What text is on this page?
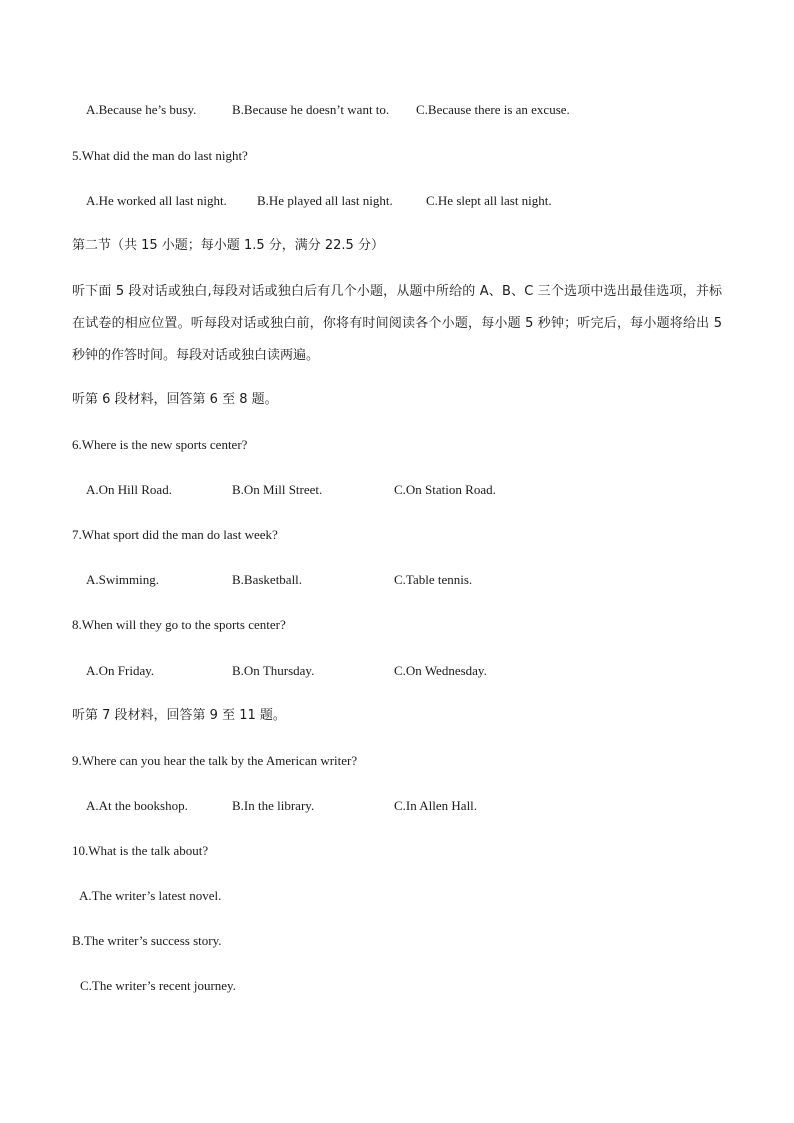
A.Because he’s busy.	B.Because he doesn’t want to. C.Because there is an excuse.
5.What did the man do last night?
A.He worked all last night. B.He played all last night.	C.He slept all last night.
第二节（共 15 小题；每小题 1.5 分，满分 22.5 分）
听下面 5 段对话或独白,每段对话或独白后有几个小题，从题中所给的 A、B、C 三个选项中选出最佳选项，并标在试卷的相应位置。听每段对话或独白前，你将有时间阅读各个小题，每小题 5 秒钟；听完后，每小题将给出 5 秒钟的作答时间。每段对话或独白读两遍。
听第 6 段材料，回答第 6 至 8 题。
6.Where is the new sports center?
A.On Hill Road.	B.On Mill Street.	C.On Station Road.
7.What sport did the man do last week?
A.Swimming.	B.Basketball.	C.Table tennis.
8.When will they go to the sports center?
A.On Friday.	B.On Thursday.	C.On Wednesday.
听第 7 段材料，回答第 9 至 11 题。
9.Where can you hear the talk by the American writer?
A.At the bookshop.	B.In the library.	C.In Allen Hall.
10.What is the talk about?
A.The writer’s latest novel.
B.The writer’s success story.
C.The writer’s recent journey.
